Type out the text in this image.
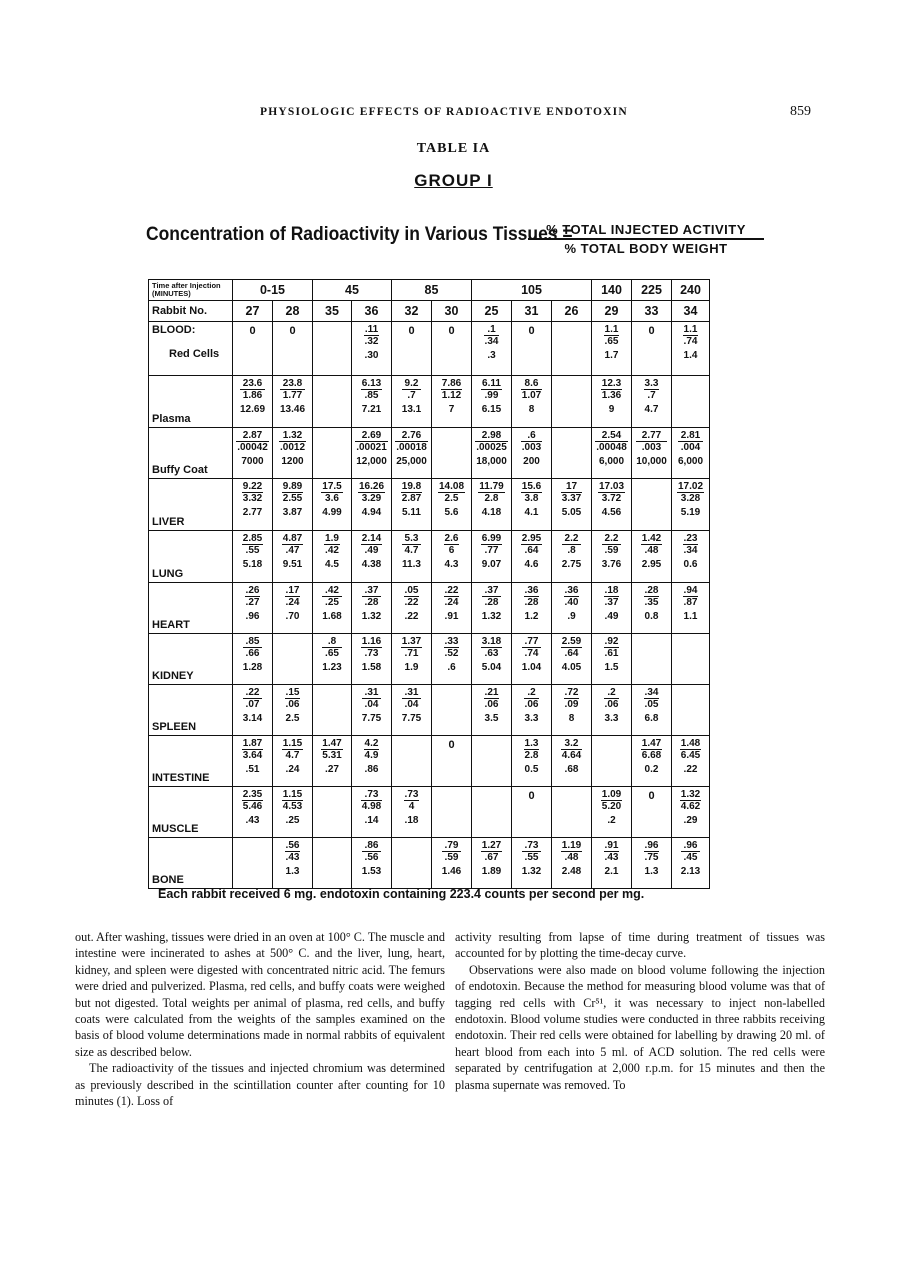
PHYSIOLOGIC EFFECTS OF RADIOACTIVE ENDOTOXIN	859
TABLE IA
GROUP I
Concentration of Radioactivity in Various Tissues =
% TOTAL INJECTED ACTIVITY
% TOTAL BODY WEIGHT
Time after Injection (MINUTES)	0-15		45		85		105			140	225	240
Rabbit No.	27	28	35	36	32	30	25	31	26	29	33	34

BLOOD:
Red Cells	0	0		.11
.32
.30	0	0	.1
.34
.3	0		1.1
.65
1.7	0	1.1
.74
1.4

Plasma	23.6
1.86
12.69	23.8
1.77
13.46		6.13
.85
7.21	9.2
.7
13.1	7.86
1.12
7	6.11
.99
6.15	8.6
1.07
8		12.3
1.36
9	3.3
.7
4.7	

Buffy Coat	2.87
.00042
7000	1.32
.0012
1200		2.69
.00021
12,000	2.76
.00018
25,000		2.98
.00025
18,000	.6
.003
200		2.54
.00048
6,000	2.77
.003
10,000	2.81
.004
6,000

LIVER	9.22
3.32
2.77	9.89
2.55
3.87	17.5
3.6
4.99	16.26
3.29
4.94	19.8
2.87
5.11	14.08
2.5
5.6	11.79
2.8
4.18	15.6
3.8
4.1	17
3.37
5.05	17.03
3.72
4.56		17.02
3.28
5.19

LUNG	2.85
.55
5.18	4.87
.47
9.51	1.9
.42
4.5	2.14
.49
4.38	5.3
4.7
11.3	2.6
6
4.3	6.99
.77
9.07	2.95
.64
4.6	2.2
.8
2.75	2.2
.59
3.76	1.42
.48
2.95	.23
.34
0.6

HEART	.26
.27
.96	.17
.24
.70	.42
.25
1.68	.37
.28
1.32	.05
.22
.22	.22
.24
.91	.37
.28
1.32	.36
.28
1.2	.36
.40
.9	.18
.37
.49	.28
.35
0.8	.94
.87
1.1

KIDNEY	.85
.66
1.28		.8
.65
1.23	1.16
.73
1.58	1.37
.71
1.9	.33
.52
.6	3.18
.63
5.04	.77
.74
1.04	2.59
.64
4.05	.92
.61
1.5		

SPLEEN	.22
.07
3.14	.15
.06
2.5		.31
.04
7.75	.31
.04
7.75		.21
.06
3.5	.2
.06
3.3	.72
.09
8	.2
.06
3.3	.34
.05
6.8	

INTESTINE	1.87
3.64
.51	1.15
4.7
.24	1.47
5.31
.27	4.2
4.9
.86		0		1.3
2.8
0.5	3.2
4.64
.68		1.47
6.68
0.2	1.48
6.45
.22

MUSCLE	2.35
5.46
.43	1.15
4.53
.25		.73
4.98
.14	.73
4
.18			0		1.09
5.20
.2	0	1.32
4.62
.29

BONE		.56
.43
1.3		.86
.56
1.53		.79
.59
1.46	1.27
.67
1.89	.73
.55
1.32	1.19
.48
2.48	.91
.43
2.1	.96
.75
1.3	.96
.45
2.13
Each rabbit received 6 mg. endotoxin containing 223.4 counts per second per mg.

out. After washing, tissues were dried in an oven at 100° C. The muscle and intestine were incinerated to ashes at 500° C. and the liver, lung, heart, kidney, and spleen were digested with concentrated nitric acid. The femurs were dried and pulverized. Plasma, red cells, and buffy coats were weighed but not digested. Total weights per animal of plasma, red cells, and buffy coats were calculated from the weights of the samples examined on the basis of blood volume determinations made in normal rabbits of equivalent size as described below.

The radioactivity of the tissues and injected chromium was determined as previously described in the scintillation counter after counting for 10 minutes (1). Loss of

activity resulting from lapse of time during treatment of tissues was accounted for by plotting the time-decay curve.

Observations were also made on blood volume following the injection of endotoxin. Because the method for measuring blood volume was that of tagging red cells with Cr⁵¹, it was necessary to inject non-labelled endotoxin. Blood volume studies were conducted in three rabbits receiving endotoxin. Their red cells were obtained for labelling by drawing 20 ml. of heart blood from each into 5 ml. of ACD solution. The red cells were separated by centrifugation at 2,000 r.p.m. for 15 minutes and then the plasma supernate was removed. To
